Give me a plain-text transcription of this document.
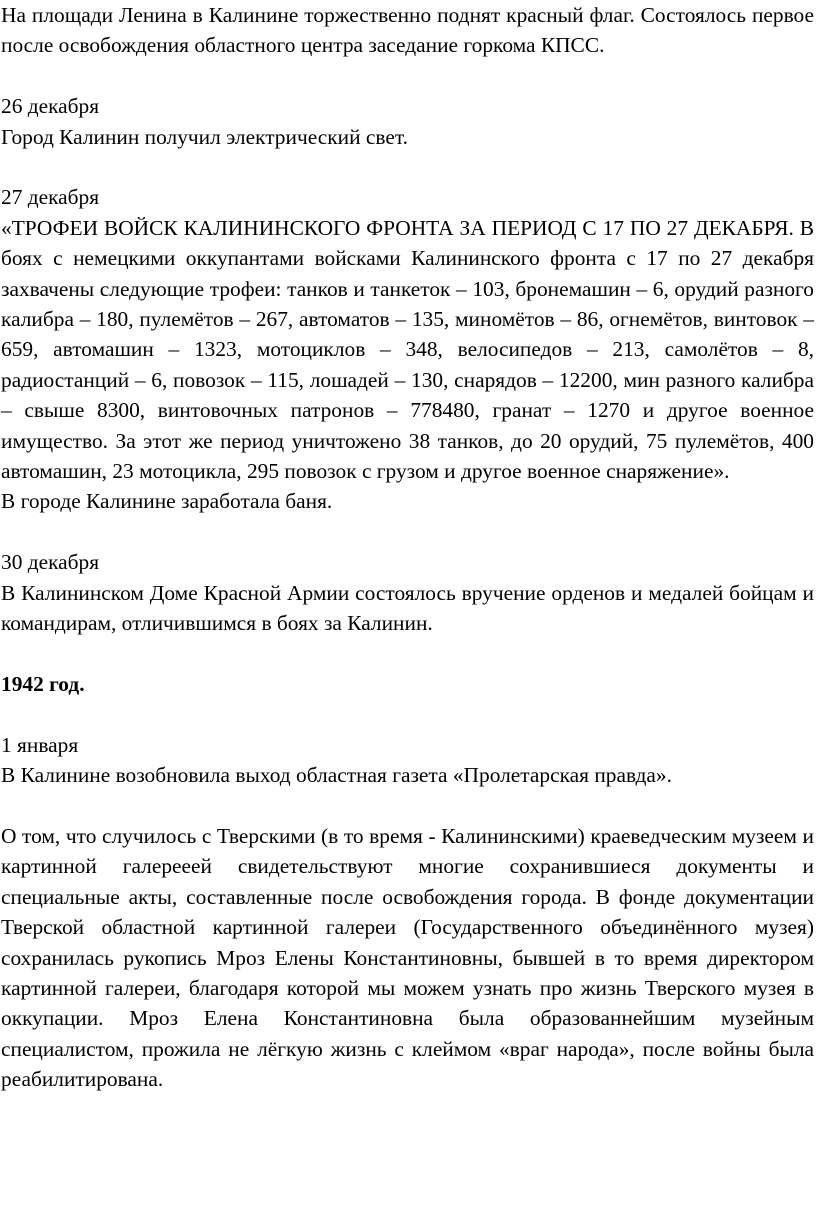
На площади Ленина в Калинине торжественно поднят красный флаг. Состоялось первое после освобождения областного центра заседание горкома КПСС.

26 декабря

Город Калинин получил электрический свет.

27 декабря

«ТРОФЕИ ВОЙСК КАЛИНИНСКОГО ФРОНТА ЗА ПЕРИОД С 17 ПО 27 ДЕКАБРЯ. В боях с немецкими оккупантами войсками Калининского фронта с 17 по 27 декабря захвачены следующие трофеи: танков и танкеток – 103, бронемашин – 6, орудий разного калибра – 180, пулемётов – 267, автоматов – 135, миномётов – 86, огнемётов, винтовок – 659, автомашин – 1323, мотоциклов – 348, велосипедов – 213, самолётов – 8, радиостанций – 6, повозок – 115, лошадей – 130, снарядов – 12200, мин разного калибра – свыше 8300, винтовочных патронов – 778480, гранат – 1270 и другое военное имущество. За этот же период уничтожено 38 танков, до 20 орудий, 75 пулемётов, 400 автомашин, 23 мотоцикла, 295 повозок с грузом и другое военное снаряжение».

В городе Калинине заработала баня.

30 декабря

В Калининском Доме Красной Армии состоялось вручение орденов и медалей бойцам и командирам, отличившимся в боях за Калинин.

1942 год.

1 января

В Калинине возобновила выход областная газета «Пролетарская правда».

О том, что случилось с Тверскими (в то время - Калининскими) краеведческим музеем и картинной галерееей свидетельствуют многие сохранившиеся документы и специальные акты, составленные после освобождения города. В фонде документации Тверской областной картинной галереи (Государственного объединённого музея) сохранилась рукопись Мроз Елены Константиновны, бывшей в то время директором картинной галереи, благодаря которой мы можем узнать про жизнь Тверского музея в оккупации. Мроз Елена Константиновна была образованнейшим музейным специалистом, прожила не лёгкую жизнь с клеймом «враг народа», после войны была реабилитирована.
